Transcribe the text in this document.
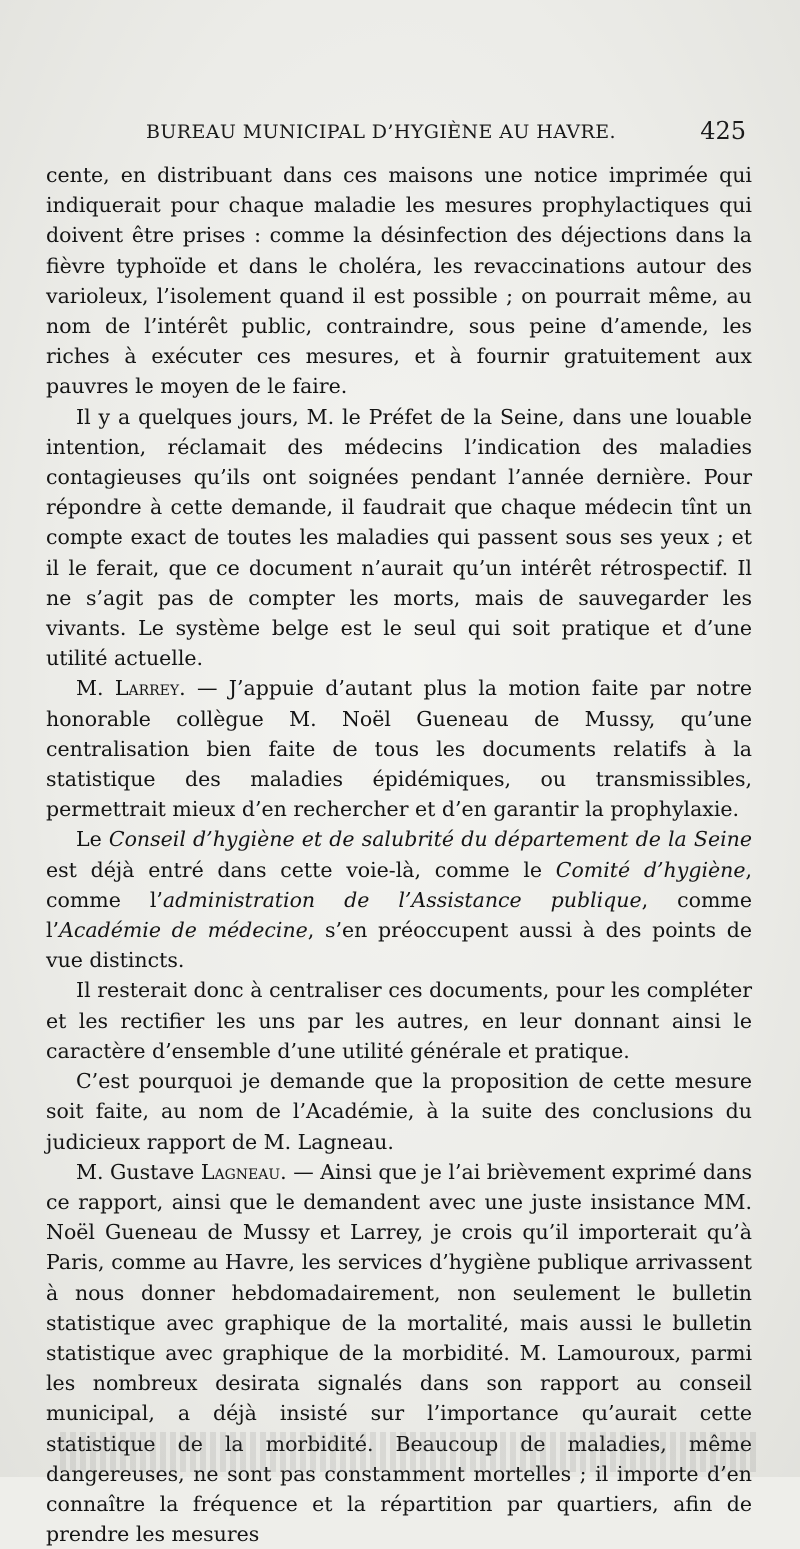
BUREAU MUNICIPAL D’HYGIÈNE AU HAVRE.	425

cente, en distribuant dans ces maisons une notice imprimée qui indiquerait pour chaque maladie les mesures prophylactiques qui doivent être prises : comme la désinfection des déjections dans la fièvre typhoïde et dans le choléra, les revaccinations autour des varioleux, l’isolement quand il est possible ; on pourrait même, au nom de l’intérêt public, contraindre, sous peine d’amende, les riches à exécuter ces mesures, et à fournir gratuitement aux pauvres le moyen de le faire.

Il y a quelques jours, M. le Préfet de la Seine, dans une louable intention, réclamait des médecins l’indication des maladies contagieuses qu’ils ont soignées pendant l’année dernière. Pour répondre à cette demande, il faudrait que chaque médecin tînt un compte exact de toutes les maladies qui passent sous ses yeux ; et il le ferait, que ce document n’aurait qu’un intérêt rétrospectif. Il ne s’agit pas de compter les morts, mais de sauvegarder les vivants. Le système belge est le seul qui soit pratique et d’une utilité actuelle.

M. Larrey. — J’appuie d’autant plus la motion faite par notre honorable collègue M. Noël Gueneau de Mussy, qu’une centralisation bien faite de tous les documents relatifs à la statistique des maladies épidémiques, ou transmissibles, permettrait mieux d’en rechercher et d’en garantir la prophylaxie.

Le Conseil d’hygiène et de salubrité du département de la Seine est déjà entré dans cette voie-là, comme le Comité d’hygiène, comme l’administration de l’Assistance publique, comme l’Académie de médecine, s’en préoccupent aussi à des points de vue distincts.

Il resterait donc à centraliser ces documents, pour les compléter et les rectifier les uns par les autres, en leur donnant ainsi le caractère d’ensemble d’une utilité générale et pratique.

C’est pourquoi je demande que la proposition de cette mesure soit faite, au nom de l’Académie, à la suite des conclusions du judicieux rapport de M. Lagneau.

M. Gustave Lagneau. — Ainsi que je l’ai brièvement exprimé dans ce rapport, ainsi que le demandent avec une juste insistance MM. Noël Gueneau de Mussy et Larrey, je crois qu’il importerait qu’à Paris, comme au Havre, les services d’hygiène publique arrivassent à nous donner hebdomadairement, non seulement le bulletin statistique avec graphique de la mortalité, mais aussi le bulletin statistique avec graphique de la morbidité. M. Lamouroux, parmi les nombreux desirata signalés dans son rapport au conseil municipal, a déjà insisté sur l’importance qu’aurait cette statistique de la morbidité. Beaucoup de maladies, même dangereuses, ne sont pas constamment mortelles ; il importe d’en connaître la fréquence et la répartition par quartiers, afin de prendre les mesures
